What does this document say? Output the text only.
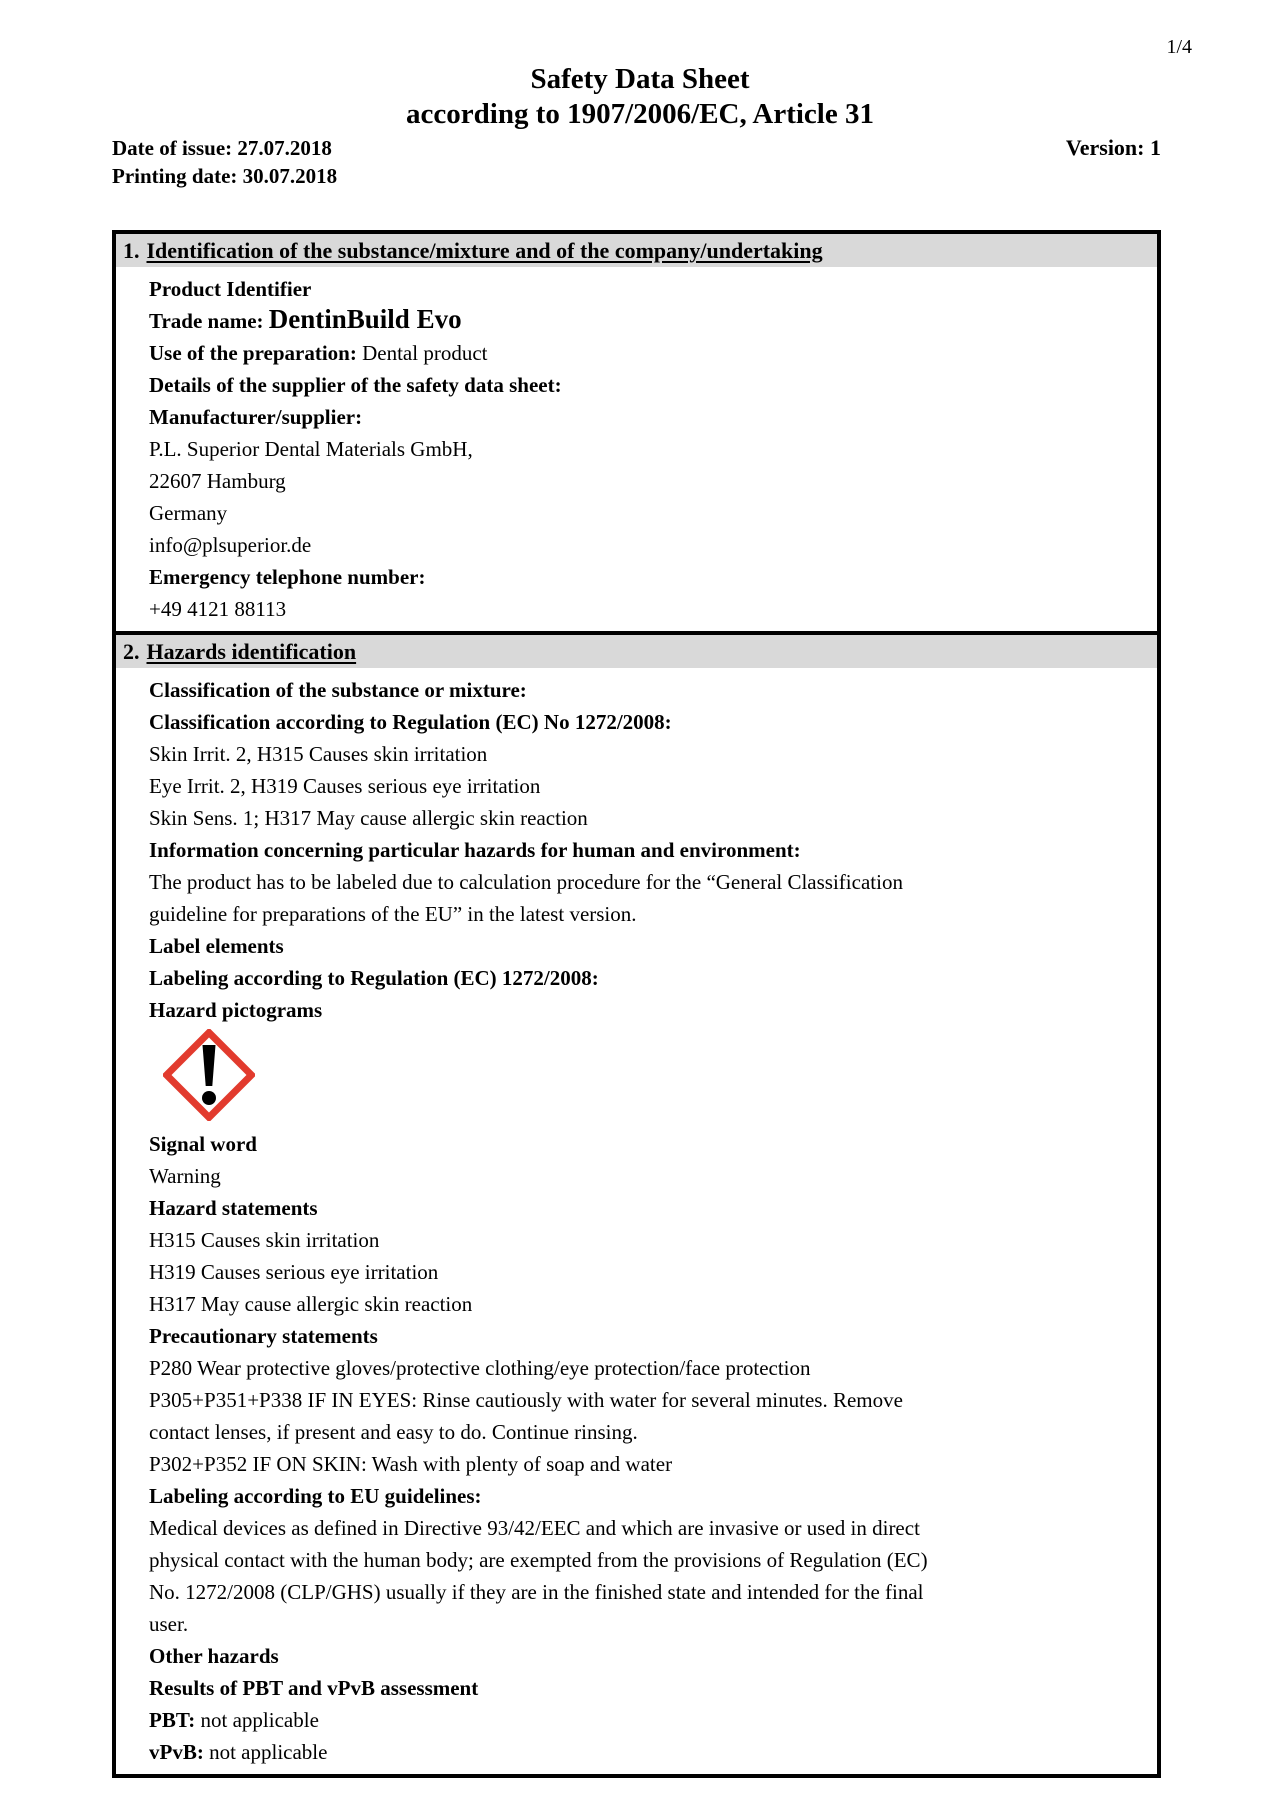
1/4
Safety Data Sheet
according to 1907/2006/EC, Article 31
Date of issue: 27.07.2018
Printing date: 30.07.2018
Version: 1
1. Identification of the substance/mixture and of the company/undertaking
Product Identifier
Trade name: DentinBuild Evo
Use of the preparation: Dental product
Details of the supplier of the safety data sheet:
Manufacturer/supplier:
P.L. Superior Dental Materials GmbH,
22607 Hamburg
Germany
info@plsuperior.de
Emergency telephone number:
+49 4121 88113
2. Hazards identification
Classification of the substance or mixture:
Classification according to Regulation (EC) No 1272/2008:
Skin Irrit. 2, H315 Causes skin irritation
Eye Irrit. 2, H319 Causes serious eye irritation
Skin Sens. 1; H317 May cause allergic skin reaction
Information concerning particular hazards for human and environment:
The product has to be labeled due to calculation procedure for the “General Classification
guideline for preparations of the EU” in the latest version.
Label elements
Labeling according to Regulation (EC) 1272/2008:
Hazard pictograms
Signal word
Warning
Hazard statements
H315 Causes skin irritation
H319 Causes serious eye irritation
H317 May cause allergic skin reaction
Precautionary statements
P280 Wear protective gloves/protective clothing/eye protection/face protection
P305+P351+P338 IF IN EYES: Rinse cautiously with water for several minutes. Remove
contact lenses, if present and easy to do. Continue rinsing.
P302+P352 IF ON SKIN: Wash with plenty of soap and water
Labeling according to EU guidelines:
Medical devices as defined in Directive 93/42/EEC and which are invasive or used in direct
physical contact with the human body; are exempted from the provisions of Regulation (EC)
No. 1272/2008 (CLP/GHS) usually if they are in the finished state and intended for the final
user.
Other hazards
Results of PBT and vPvB assessment
PBT: not applicable
vPvB: not applicable
